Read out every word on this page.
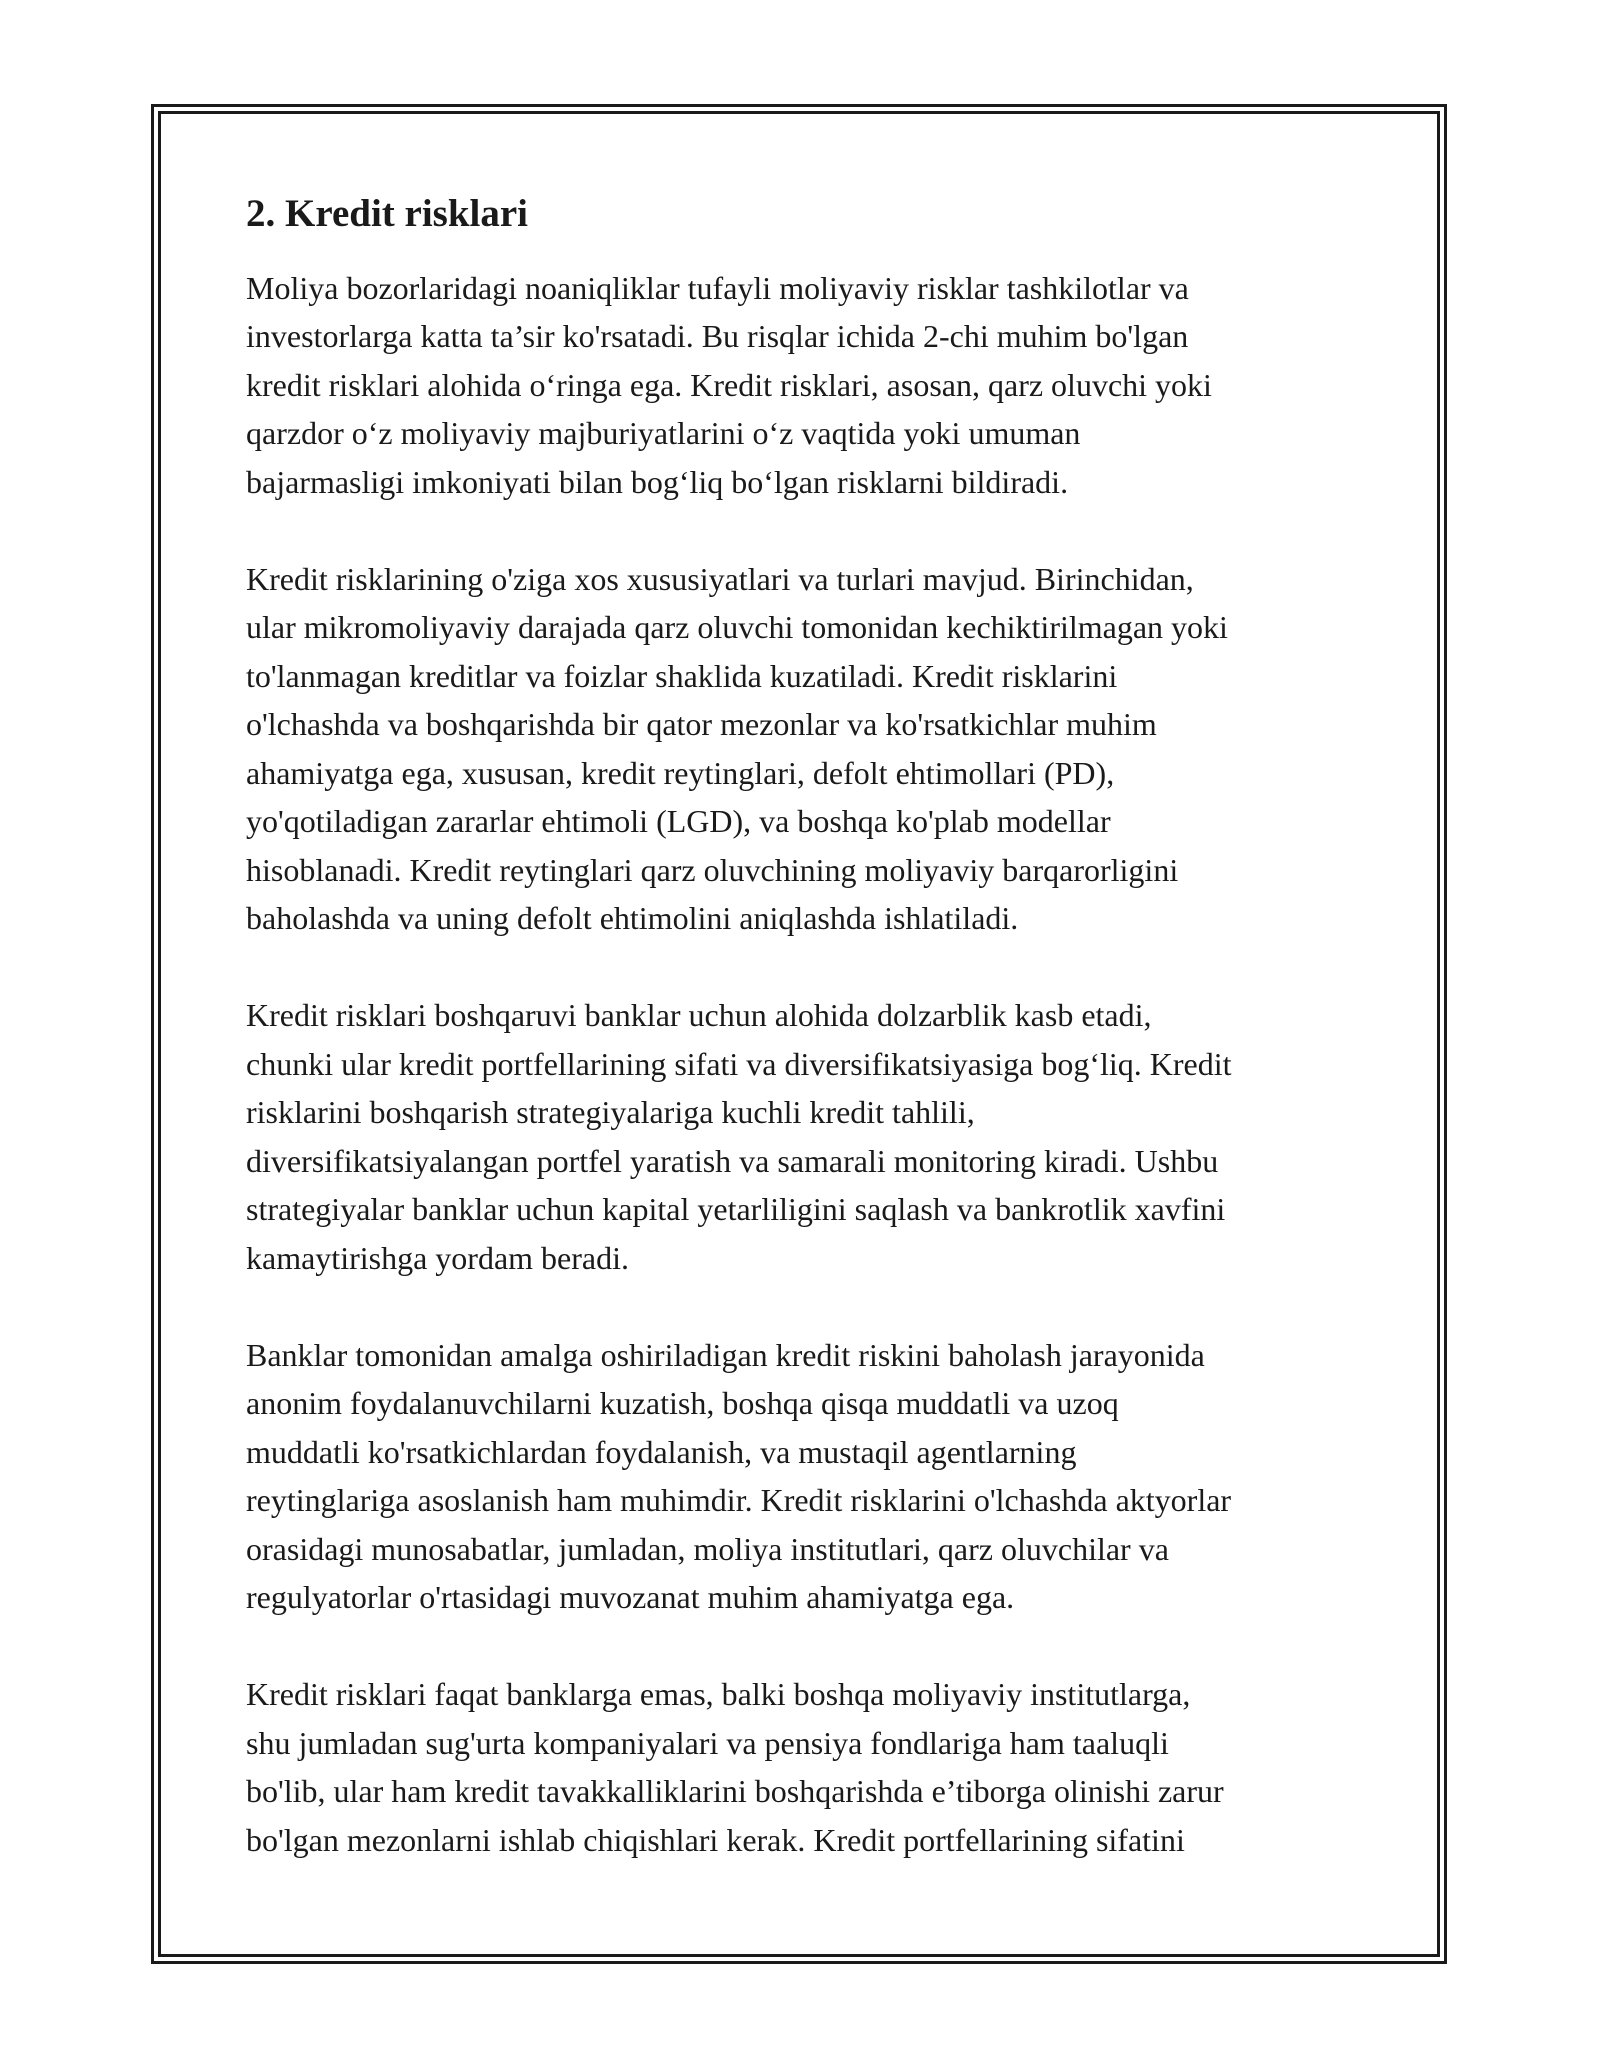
2. Kredit risklari

Moliya bozorlaridagi noaniqliklar tufayli moliyaviy risklar tashkilotlar va
investorlarga katta ta’sir ko'rsatadi. Bu risqlar ichida 2-chi muhim bo'lgan
kredit risklari alohida o‘ringa ega. Kredit risklari, asosan, qarz oluvchi yoki
qarzdor o‘z moliyaviy majburiyatlarini o‘z vaqtida yoki umuman
bajarmasligi imkoniyati bilan bog‘liq bo‘lgan risklarni bildiradi.

Kredit risklarining o'ziga xos xususiyatlari va turlari mavjud. Birinchidan,
ular mikromoliyaviy darajada qarz oluvchi tomonidan kechiktirilmagan yoki
to'lanmagan kreditlar va foizlar shaklida kuzatiladi. Kredit risklarini
o'lchashda va boshqarishda bir qator mezonlar va ko'rsatkichlar muhim
ahamiyatga ega, xususan, kredit reytinglari, defolt ehtimollari (PD),
yo'qotiladigan zararlar ehtimoli (LGD), va boshqa ko'plab modellar
hisoblanadi. Kredit reytinglari qarz oluvchining moliyaviy barqarorligini
baholashda va uning defolt ehtimolini aniqlashda ishlatiladi.

Kredit risklari boshqaruvi banklar uchun alohida dolzarblik kasb etadi,
chunki ular kredit portfellarining sifati va diversifikatsiyasiga bog‘liq. Kredit
risklarini boshqarish strategiyalariga kuchli kredit tahlili,
diversifikatsiyalangan portfel yaratish va samarali monitoring kiradi. Ushbu
strategiyalar banklar uchun kapital yetarliligini saqlash va bankrotlik xavfini
kamaytirishga yordam beradi.

Banklar tomonidan amalga oshiriladigan kredit riskini baholash jarayonida
anonim foydalanuvchilarni kuzatish, boshqa qisqa muddatli va uzoq
muddatli ko'rsatkichlardan foydalanish, va mustaqil agentlarning
reytinglariga asoslanish ham muhimdir. Kredit risklarini o'lchashda aktyorlar
orasidagi munosabatlar, jumladan, moliya institutlari, qarz oluvchilar va
regulyatorlar o'rtasidagi muvozanat muhim ahamiyatga ega.

Kredit risklari faqat banklarga emas, balki boshqa moliyaviy institutlarga,
shu jumladan sug'urta kompaniyalari va pensiya fondlariga ham taaluqli
bo'lib, ular ham kredit tavakkalliklarini boshqarishda e’tiborga olinishi zarur
bo'lgan mezonlarni ishlab chiqishlari kerak. Kredit portfellarining sifatini
